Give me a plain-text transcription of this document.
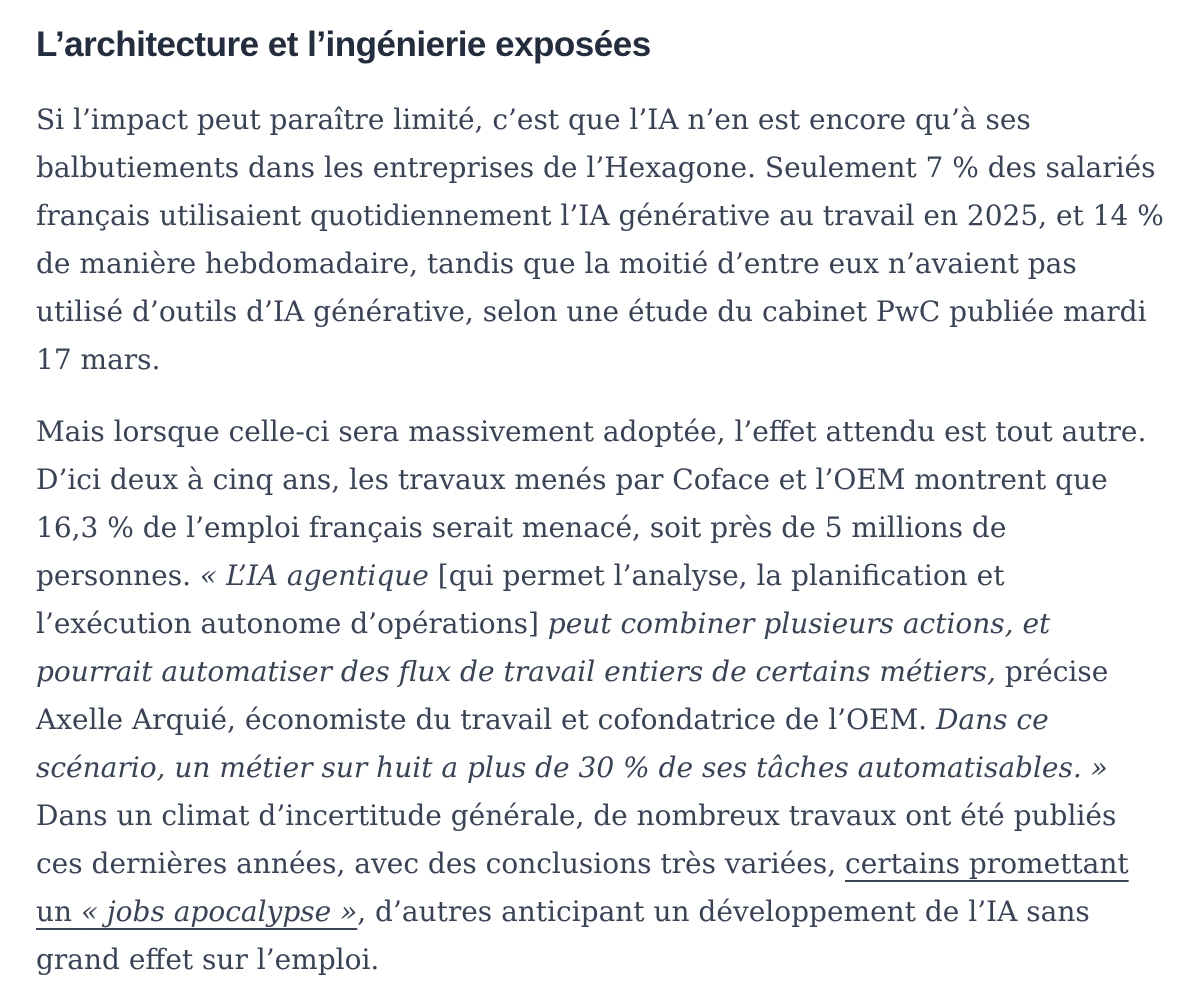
L’architecture et l’ingénierie exposées

Si l’impact peut paraître limité, c’est que l’IA n’en est encore qu’à ses balbutiements dans les entreprises de l’Hexagone. Seulement 7 % des salariés français utilisaient quotidiennement l’IA générative au travail en 2025, et 14 % de manière hebdomadaire, tandis que la moitié d’entre eux n’avaient pas utilisé d’outils d’IA générative, selon une étude du cabinet PwC publiée mardi 17 mars.

Mais lorsque celle-ci sera massivement adoptée, l’effet attendu est tout autre. D’ici deux à cinq ans, les travaux menés par Coface et l’OEM montrent que 16,3 % de l’emploi français serait menacé, soit près de 5 millions de personnes. « L’IA agentique [qui permet l’analyse, la planification et l’exécution autonome d’opérations] peut combiner plusieurs actions, et pourrait automatiser des flux de travail entiers de certains métiers, précise Axelle Arquié, économiste du travail et cofondatrice de l’OEM. Dans ce scénario, un métier sur huit a plus de 30 % de ses tâches automatisables. » Dans un climat d’incertitude générale, de nombreux travaux ont été publiés ces dernières années, avec des conclusions très variées, certains promettant un « jobs apocalypse », d’autres anticipant un développement de l’IA sans grand effet sur l’emploi.
